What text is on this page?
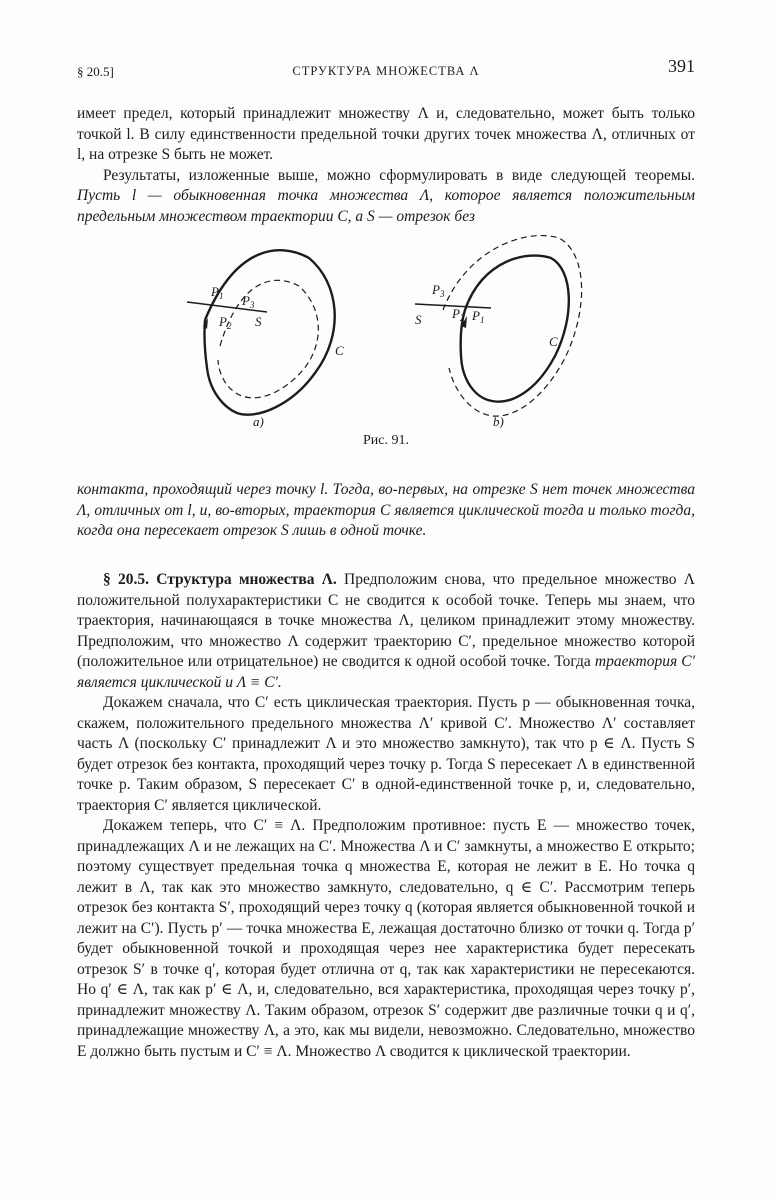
§ 20.5]	СТРУКТУРА МНОЖЕСТВА Λ	391

имеет предел, который принадлежит множеству Λ и, следовательно, может быть только точкой l. В силу единственности предельной точки других точек множества Λ, отличных от l, на отрезке S быть не может.

Результаты, изложенные выше, можно сформулировать в виде следующей теоремы. Пусть l — обыкновенная точка множества Λ, которое является положительным предельным множеством траектории C, а S — отрезок без

$P_1$ $P_3$
$P_2$ S
C
a)
$P_3$
S $P_2$ $P_1$
C
b)
Рис. 91.

контакта, проходящий через точку l. Тогда, во-первых, на отрезке S нет точек множества Λ, отличных от l, и, во-вторых, траектория C является циклической тогда и только тогда, когда она пересекает отрезок S лишь в одной точке.

§ 20.5. Структура множества Λ. Предположим снова, что предельное множество Λ положительной полухарактеристики C не сводится к особой точке. Теперь мы знаем, что траектория, начинающаяся в точке множества Λ, целиком принадлежит этому множеству. Предположим, что множество Λ содержит траекторию C′, предельное множество которой (положительное или отрицательное) не сводится к одной особой точке. Тогда траектория C′ является циклической и Λ ≡ C′.

Докажем сначала, что C′ есть циклическая траектория. Пусть p — обыкновенная точка, скажем, положительного предельного множества Λ′ кривой C′. Множество Λ′ составляет часть Λ (поскольку C′ принадлежит Λ и это множество замкнуто), так что p ∈ Λ. Пусть S будет отрезок без контакта, проходящий через точку p. Тогда S пересекает Λ в единственной точке p. Таким образом, S пересекает C′ в одной-единственной точке p, и, следовательно, траектория C′ является циклической.

Докажем теперь, что C′ ≡ Λ. Предположим противное: пусть E — множество точек, принадлежащих Λ и не лежащих на C′. Множества Λ и C′ замкнуты, а множество E открыто; поэтому существует предельная точка q множества E, которая не лежит в E. Но точка q лежит в Λ, так как это множество замкнуто, следовательно, q ∈ C′. Рассмотрим теперь отрезок без контакта S′, проходящий через точку q (которая является обыкновенной точкой и лежит на C′). Пусть p′ — точка множества E, лежащая достаточно близко от точки q. Тогда p′ будет обыкновенной точкой и проходящая через нее характеристика будет пересекать отрезок S′ в точке q′, которая будет отлична от q, так как характеристики не пересекаются. Но q′ ∈ Λ, так как p′ ∈ Λ, и, следовательно, вся характеристика, проходящая через точку p′, принадлежит множеству Λ. Таким образом, отрезок S′ содержит две различные точки q и q′, принадлежащие множеству Λ, а это, как мы видели, невозможно. Следовательно, множество E должно быть пустым и C′ ≡ Λ. Множество Λ сводится к циклической траектории.
